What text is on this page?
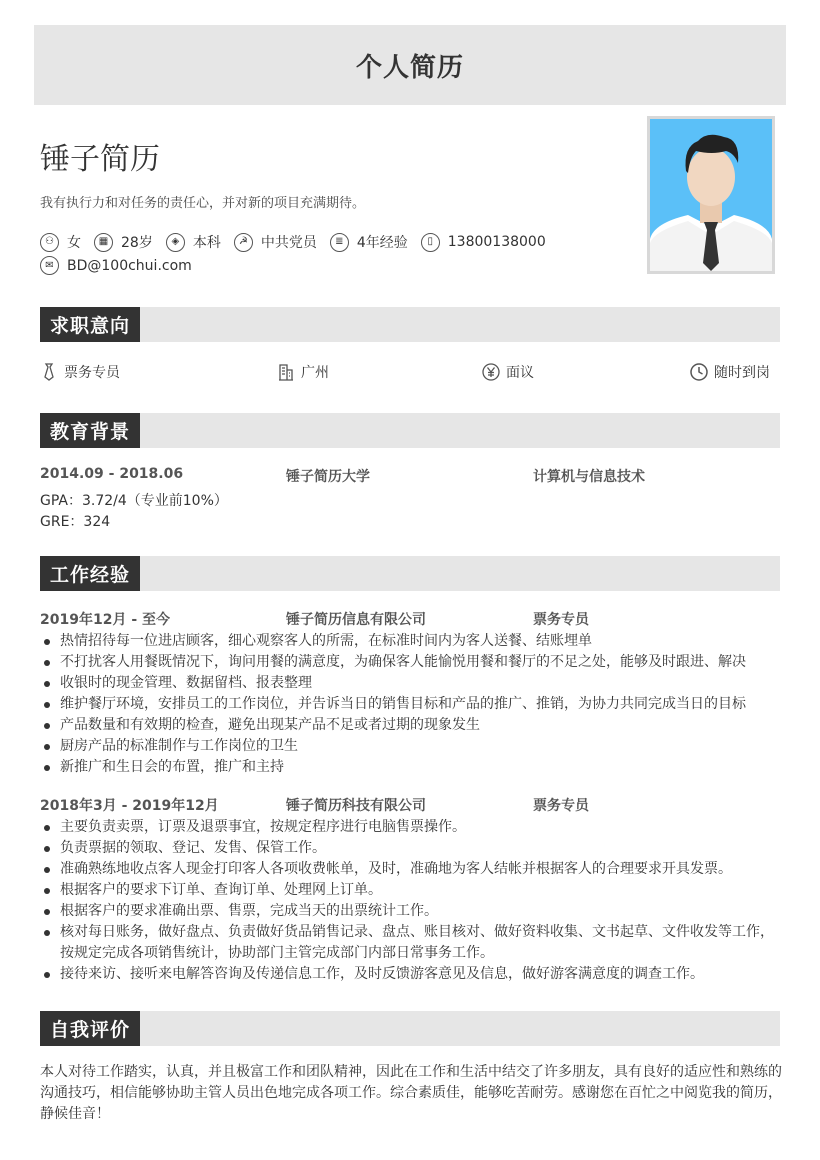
个人简历
锤子简历
我有执行力和对任务的责任心，并对新的项目充满期待。
⚇ 女	▦ 28岁	◈ 本科	☭ 中共党员	≣ 4年经验	▯	13800138000
✉ BD@100chui.com
求职意向
票务专员	广州	面议	随时到岗
教育背景
2014.09 - 2018.06	锤子简历大学	计算机与信息技术
GPA：3.72/4（专业前10%）
GRE：324
工作经验
2019年12月 - 至今	锤子简历信息有限公司	票务专员
热情招待每一位进店顾客，细心观察客人的所需，在标准时间内为客人送餐、结账埋单
不打扰客人用餐既情况下，询问用餐的满意度，为确保客人能愉悦用餐和餐厅的不足之处，能够及时跟进、解决
收银时的现金管理、数据留档、报表整理
维护餐厅环境，安排员工的工作岗位，并告诉当日的销售目标和产品的推广、推销，为协力共同完成当日的目标
产品数量和有效期的检查，避免出现某产品不足或者过期的现象发生
厨房产品的标准制作与工作岗位的卫生
新推广和生日会的布置，推广和主持
2018年3月 - 2019年12月	锤子简历科技有限公司	票务专员
主要负责卖票，订票及退票事宜，按规定程序进行电脑售票操作。
负责票据的领取、登记、发售、保管工作。
准确熟练地收点客人现金打印客人各项收费帐单，及时，准确地为客人结帐并根据客人的合理要求开具发票。
根据客户的要求下订单、查询订单、处理网上订单。
根据客户的要求准确出票、售票，完成当天的出票统计工作。
核对每日账务，做好盘点、负责做好货品销售记录、盘点、账目核对、做好资料收集、文书起草、文件收发等工作，按规定完成各项销售统计，协助部门主管完成部门内部日常事务工作。
接待来访、接听来电解答咨询及传递信息工作，及时反馈游客意见及信息，做好游客满意度的调查工作。
自我评价
本人对待工作踏实，认真，并且极富工作和团队精神，因此在工作和生活中结交了许多朋友，具有良好的适应性和熟练的沟通技巧，相信能够协助主管人员出色地完成各项工作。综合素质佳，能够吃苦耐劳。感谢您在百忙之中阅览我的简历，静候佳音！
